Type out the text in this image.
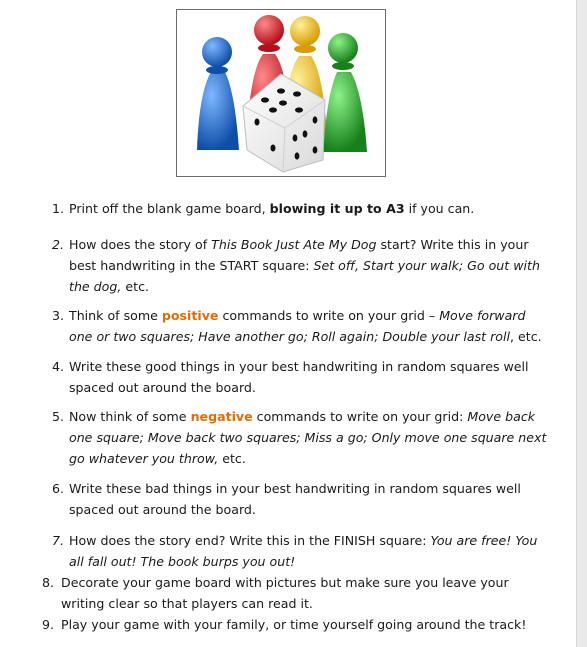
1. Print off the blank game board, blowing it up to A3 if you can.
2. How does the story of This Book Just Ate My Dog start? Write this in your
best handwriting in the START square: Set off, Start your walk; Go out with
the dog, etc.
3. Think of some positive commands to write on your grid – Move forward
one or two squares; Have another go; Roll again; Double your last roll, etc.
4. Write these good things in your best handwriting in random squares well
spaced out around the board.
5. Now think of some negative commands to write on your grid: Move back
one square; Move back two squares; Miss a go; Only move one square next
go whatever you throw, etc.
6. Write these bad things in your best handwriting in random squares well
spaced out around the board.
7. How does the story end? Write this in the FINISH square: You are free! You
all fall out! The book burps you out!
8. Decorate your game board with pictures but make sure you leave your
writing clear so that players can read it.
9. Play your game with your family, or time yourself going around the track!
